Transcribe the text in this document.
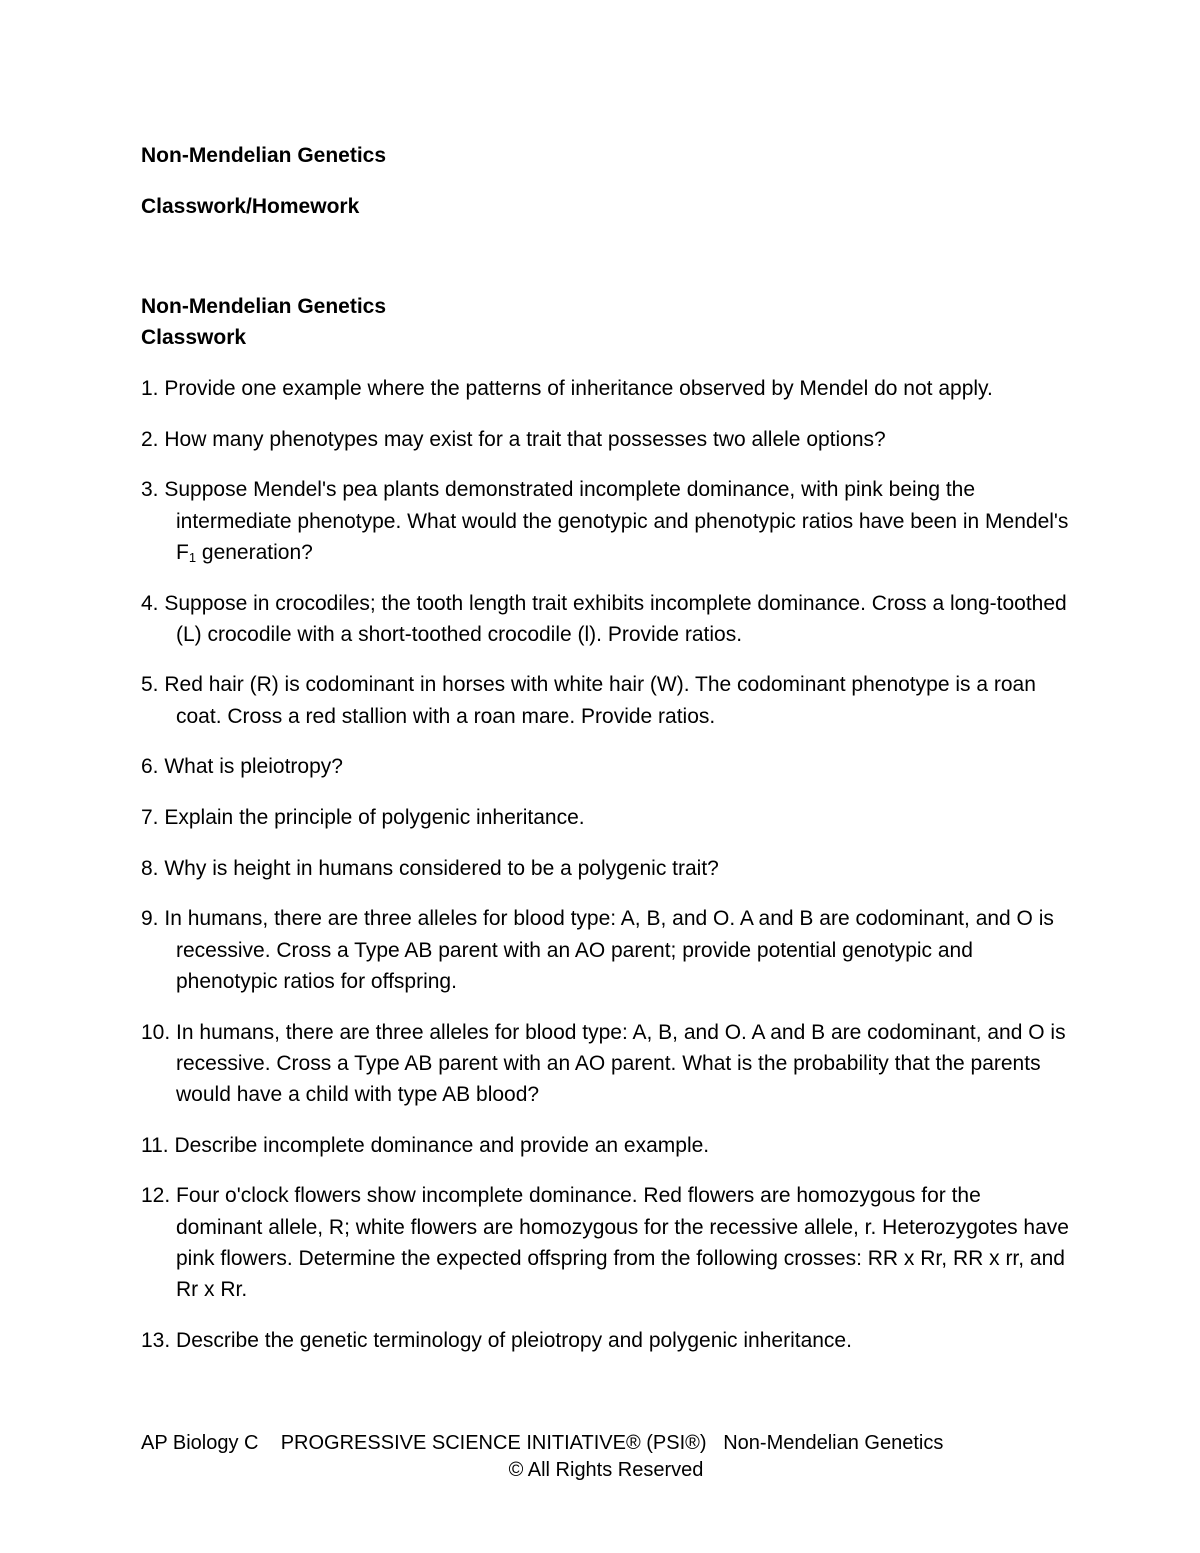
Non-Mendelian Genetics
Classwork/Homework
Non-Mendelian Genetics
Classwork
1. Provide one example where the patterns of inheritance observed by Mendel do not apply.
2. How many phenotypes may exist for a trait that possesses two allele options?
3. Suppose Mendel's pea plants demonstrated incomplete dominance, with pink being the intermediate phenotype. What would the genotypic and phenotypic ratios have been in Mendel's $F_1$ generation?
4. Suppose in crocodiles; the tooth length trait exhibits incomplete dominance. Cross a long-toothed (L) crocodile with a short-toothed crocodile (l). Provide ratios.
5. Red hair (R) is codominant in horses with white hair (W). The codominant phenotype is a roan coat. Cross a red stallion with a roan mare. Provide ratios.
6. What is pleiotropy?
7. Explain the principle of polygenic inheritance.
8. Why is height in humans considered to be a polygenic trait?
9. In humans, there are three alleles for blood type: A, B, and O. A and B are codominant, and O is recessive. Cross a Type AB parent with an AO parent; provide potential genotypic and phenotypic ratios for offspring.
10. In humans, there are three alleles for blood type: A, B, and O. A and B are codominant, and O is recessive. Cross a Type AB parent with an AO parent. What is the probability that the parents would have a child with type AB blood?
11. Describe incomplete dominance and provide an example.
12. Four o'clock flowers show incomplete dominance. Red flowers are homozygous for the dominant allele, R; white flowers are homozygous for the recessive allele, r. Heterozygotes have pink flowers. Determine the expected offspring from the following crosses: RR x Rr, RR x rr, and Rr x Rr.
13. Describe the genetic terminology of pleiotropy and polygenic inheritance.
AP Biology C PROGRESSIVE SCIENCE INITIATIVE® (PSI®) Non-Mendelian Genetics
© All Rights Reserved
